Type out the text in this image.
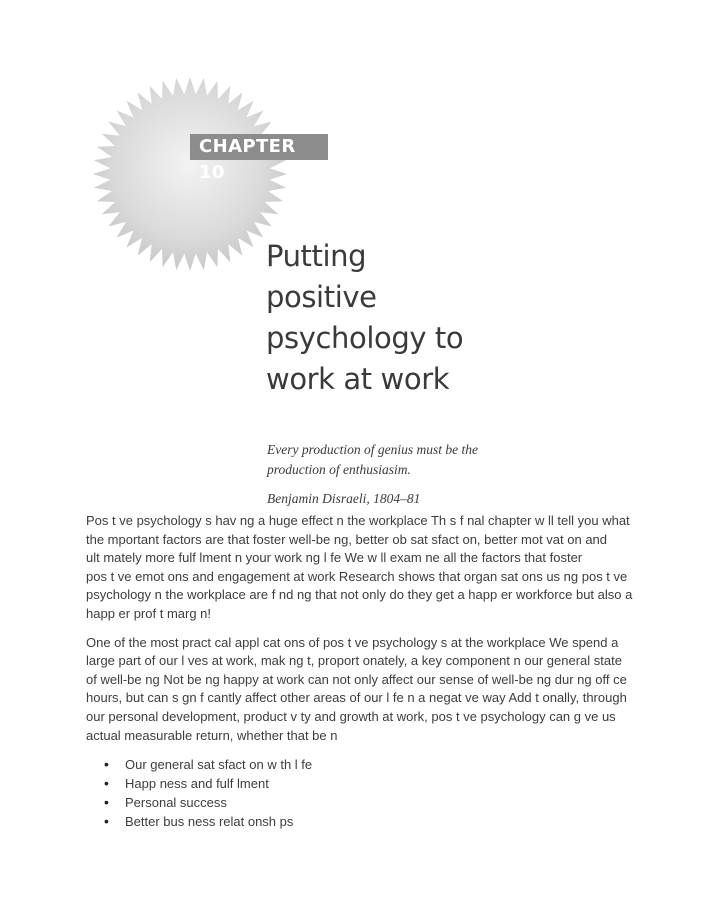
CHAPTER 10
Putting
positive
psychology to
work at work
Every production of genius must be the
production of enthusiasim.
Benjamin Disraeli, 1804–81

Pos t ve psychology s hav ng a huge effect n the workplace Th s f nal chapter w ll tell you what
the mportant factors are that foster well-be ng, better ob sat sfact on, better mot vat on and
ult mately more fulf lment n your work ng l fe We w ll exam ne all the factors that foster
pos t ve emot ons and engagement at work Research shows that organ sat ons us ng pos t ve
psychology n the workplace are f nd ng that not only do they get a happ er workforce but also a
happ er prof t marg n!

One of the most pract cal appl cat ons of pos t ve psychology s at the workplace We spend a
large part of our l ves at work, mak ng t, proport onately, a key component n our general state
of well-be ng Not be ng happy at work can not only affect our sense of well-be ng dur ng off ce
hours, but can s gn f cantly affect other areas of our l fe n a negat ve way Add t onally, through
our personal development, product v ty and growth at work, pos t ve psychology can g ve us
actual measurable return, whether that be n

• Our general sat sfact on w th l fe
• Happ ness and fulf lment
• Personal success
• Better bus ness relat onsh ps
